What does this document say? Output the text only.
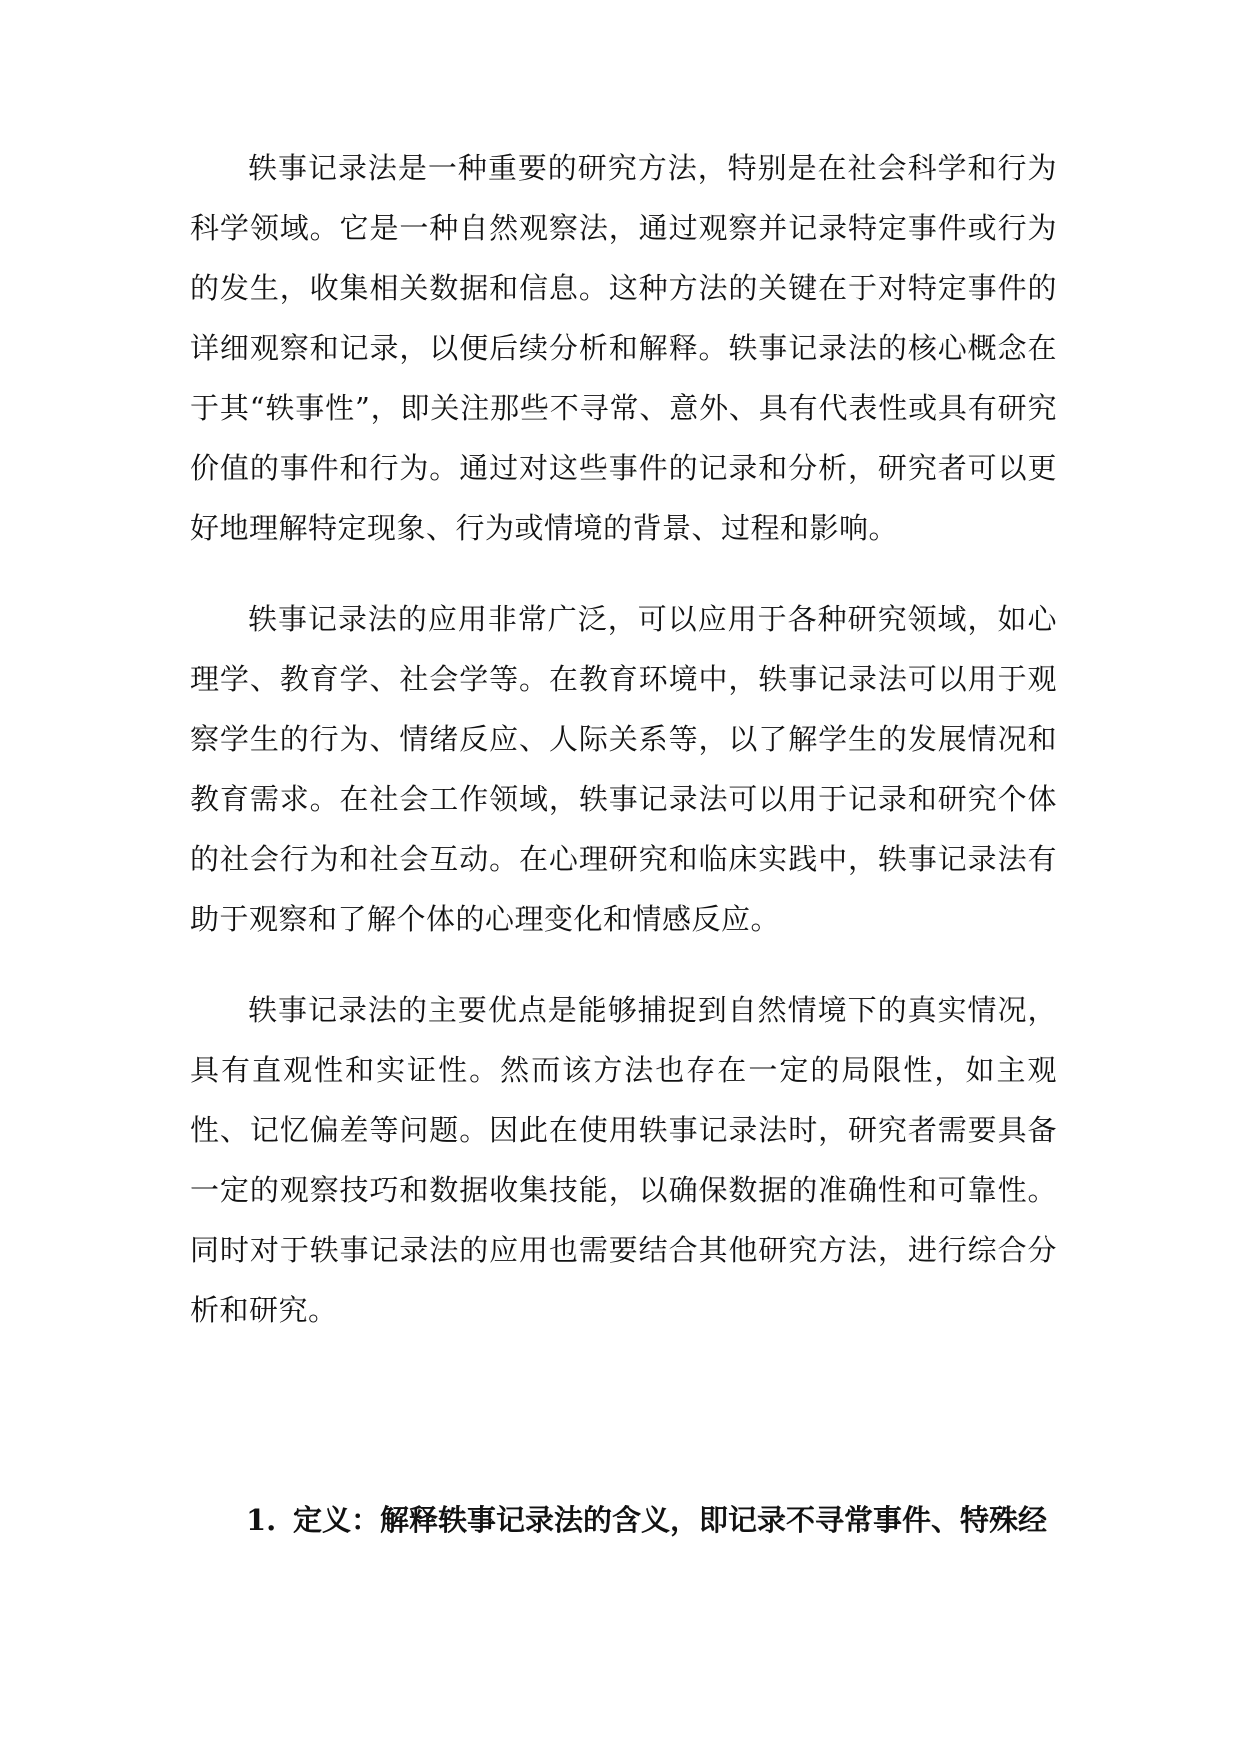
轶事记录法是一种重要的研究方法，特别是在社会科学和行为科学领域。它是一种自然观察法，通过观察并记录特定事件或行为的发生，收集相关数据和信息。这种方法的关键在于对特定事件的详细观察和记录，以便后续分析和解释。轶事记录法的核心概念在于其“轶事性”，即关注那些不寻常、意外、具有代表性或具有研究价值的事件和行为。通过对这些事件的记录和分析，研究者可以更好地理解特定现象、行为或情境的背景、过程和影响。

轶事记录法的应用非常广泛，可以应用于各种研究领域，如心理学、教育学、社会学等。在教育环境中，轶事记录法可以用于观察学生的行为、情绪反应、人际关系等，以了解学生的发展情况和教育需求。在社会工作领域，轶事记录法可以用于记录和研究个体的社会行为和社会互动。在心理研究和临床实践中，轶事记录法有助于观察和了解个体的心理变化和情感反应。

轶事记录法的主要优点是能够捕捉到自然情境下的真实情况，具有直观性和实证性。然而该方法也存在一定的局限性，如主观性、记忆偏差等问题。因此在使用轶事记录法时，研究者需要具备一定的观察技巧和数据收集技能，以确保数据的准确性和可靠性。同时对于轶事记录法的应用也需要结合其他研究方法，进行综合分析和研究。

1. 定义：解释轶事记录法的含义，即记录不寻常事件、特殊经
